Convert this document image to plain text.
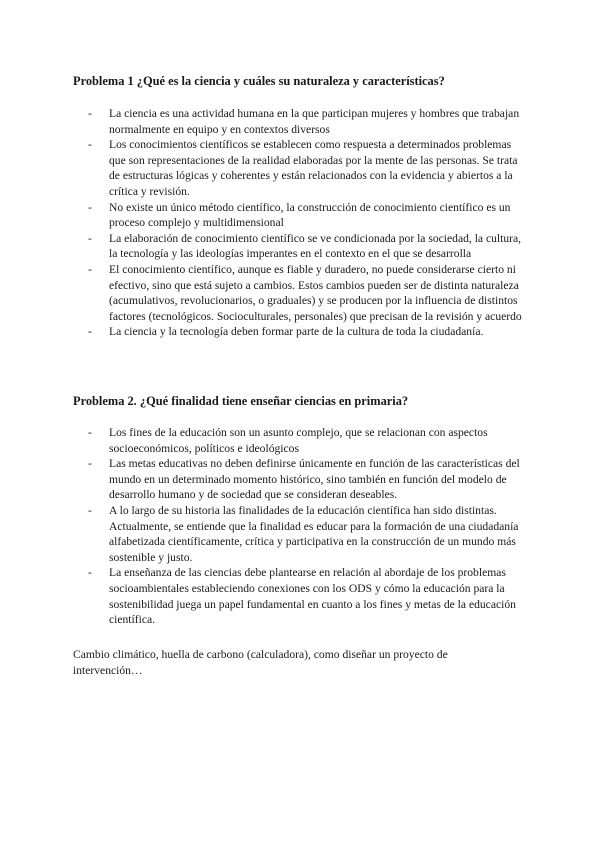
Problema 1 ¿Qué es la ciencia y cuáles su naturaleza y características?
- La ciencia es una actividad humana en la que participan mujeres y hombres que trabajan normalmente en equipo y en contextos diversos
- Los conocimientos científicos se establecen como respuesta a determinados problemas que son representaciones de la realidad elaboradas por la mente de las personas. Se trata de estructuras lógicas y coherentes y están relacionados con la evidencia y abiertos a la crítica y revisión.
- No existe un único método científico, la construcción de conocimiento científico es un proceso complejo y multidimensional
- La elaboración de conocimiento científico se ve condicionada por la sociedad, la cultura, la tecnología y las ideologías imperantes en el contexto en el que se desarrolla
- El conocimiento científico, aunque es fiable y duradero, no puede considerarse cierto ni efectivo, sino que está sujeto a cambios. Estos cambios pueden ser de distinta naturaleza (acumulativos, revolucionarios, o graduales) y se producen por la influencia de distintos factores (tecnológicos. Socioculturales, personales) que precisan de la revisión y acuerdo
- La ciencia y la tecnología deben formar parte de la cultura de toda la ciudadanía.
Problema 2. ¿Qué finalidad tiene enseñar ciencias en primaria?
- Los fines de la educación son un asunto complejo, que se relacionan con aspectos socioeconómicos, políticos e ideológicos
- Las metas educativas no deben definirse únicamente en función de las características del mundo en un determinado momento histórico, sino también en función del modelo de desarrollo humano y de sociedad que se consideran deseables.
- A lo largo de su historia las finalidades de la educación científica han sido distintas. Actualmente, se entiende que la finalidad es educar para la formación de una ciudadanía alfabetizada científicamente, crítica y participativa en la construcción de un mundo más sostenible y justo.
- La enseñanza de las ciencias debe plantearse en relación al abordaje de los problemas socioambientales estableciendo conexiones con los ODS y cómo la educación para la sostenibilidad juega un papel fundamental en cuanto a los fines y metas de la educación científica.
Cambio climático, huella de carbono (calculadora), como diseñar un proyecto de intervención…
